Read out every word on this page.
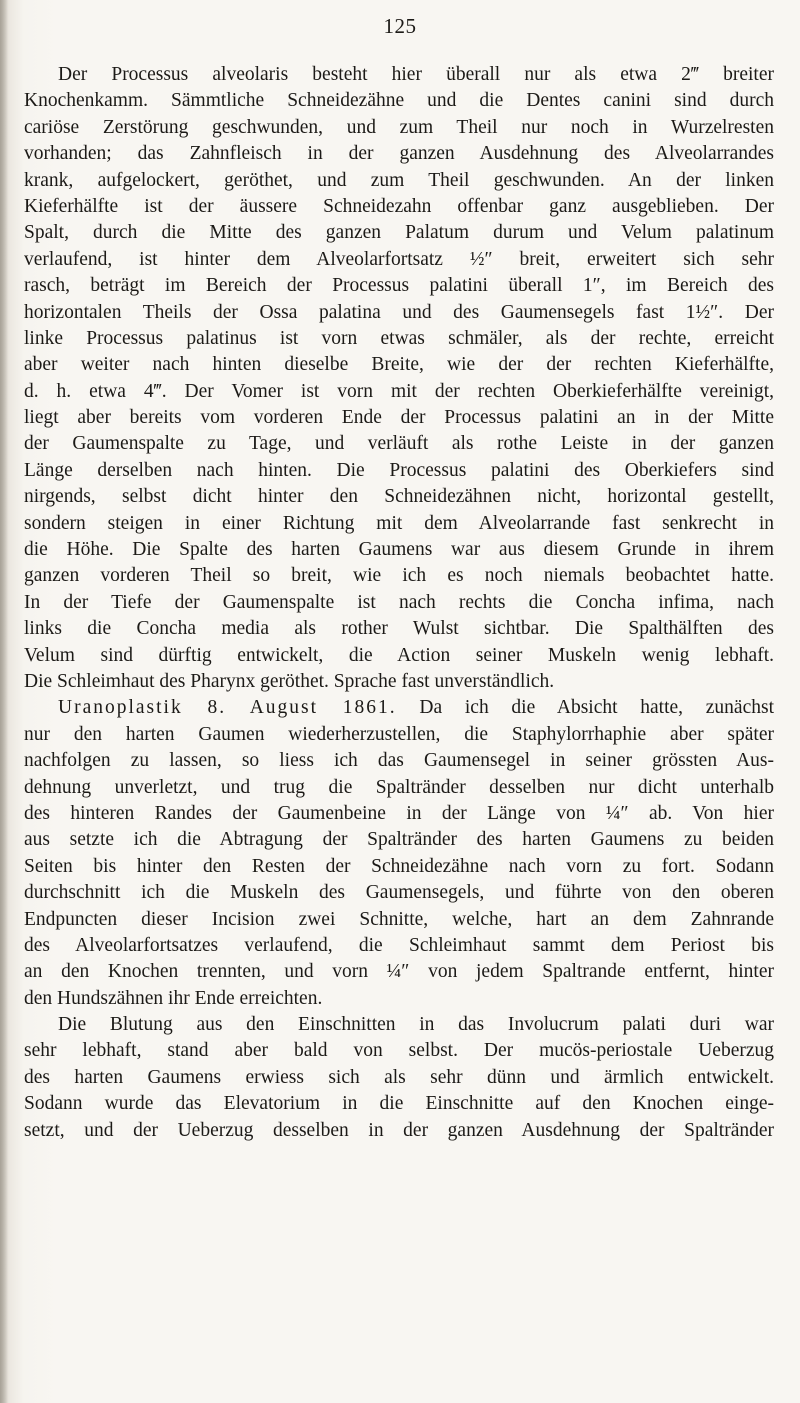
125
Der Processus alveolaris besteht hier überall nur als etwa 2‴ breiter
Knochenkamm. Sämmtliche Schneidezähne und die Dentes canini sind durch
cariöse Zerstörung geschwunden, und zum Theil nur noch in Wurzelresten
vorhanden; das Zahnfleisch in der ganzen Ausdehnung des Alveolarrandes
krank, aufgelockert, geröthet, und zum Theil geschwunden. An der linken
Kieferhälfte ist der äussere Schneidezahn offenbar ganz ausgeblieben. Der
Spalt, durch die Mitte des ganzen Palatum durum und Velum palatinum
verlaufend, ist hinter dem Alveolarfortsatz ½″ breit, erweitert sich sehr
rasch, beträgt im Bereich der Processus palatini überall 1″, im Bereich des
horizontalen Theils der Ossa palatina und des Gaumensegels fast 1½″. Der
linke Processus palatinus ist vorn etwas schmäler, als der rechte, erreicht
aber weiter nach hinten dieselbe Breite, wie der der rechten Kieferhälfte,
d. h. etwa 4‴. Der Vomer ist vorn mit der rechten Oberkieferhälfte vereinigt,
liegt aber bereits vom vorderen Ende der Processus palatini an in der Mitte
der Gaumenspalte zu Tage, und verläuft als rothe Leiste in der ganzen
Länge derselben nach hinten. Die Processus palatini des Oberkiefers sind
nirgends, selbst dicht hinter den Schneidezähnen nicht, horizontal gestellt,
sondern steigen in einer Richtung mit dem Alveolarrande fast senkrecht in
die Höhe. Die Spalte des harten Gaumens war aus diesem Grunde in ihrem
ganzen vorderen Theil so breit, wie ich es noch niemals beobachtet hatte.
In der Tiefe der Gaumenspalte ist nach rechts die Concha infima, nach
links die Concha media als rother Wulst sichtbar. Die Spalthälften des
Velum sind dürftig entwickelt, die Action seiner Muskeln wenig lebhaft.
Die Schleimhaut des Pharynx geröthet. Sprache fast unverständlich.
Uranoplastik 8. August 1861. Da ich die Absicht hatte, zunächst
nur den harten Gaumen wiederherzustellen, die Staphylorrhaphie aber später
nachfolgen zu lassen, so liess ich das Gaumensegel in seiner grössten Aus-
dehnung unverletzt, und trug die Spaltränder desselben nur dicht unterhalb
des hinteren Randes der Gaumenbeine in der Länge von ¼″ ab. Von hier
aus setzte ich die Abtragung der Spaltränder des harten Gaumens zu beiden
Seiten bis hinter den Resten der Schneidezähne nach vorn zu fort. Sodann
durchschnitt ich die Muskeln des Gaumensegels, und führte von den oberen
Endpuncten dieser Incision zwei Schnitte, welche, hart an dem Zahnrande
des Alveolarfortsatzes verlaufend, die Schleimhaut sammt dem Periost bis
an den Knochen trennten, und vorn ¼″ von jedem Spaltrande entfernt, hinter
den Hundszähnen ihr Ende erreichten.
Die Blutung aus den Einschnitten in das Involucrum palati duri war
sehr lebhaft, stand aber bald von selbst. Der mucös-periostale Ueberzug
des harten Gaumens erwiess sich als sehr dünn und ärmlich entwickelt.
Sodann wurde das Elevatorium in die Einschnitte auf den Knochen einge-
setzt, und der Ueberzug desselben in der ganzen Ausdehnung der Spaltränder
